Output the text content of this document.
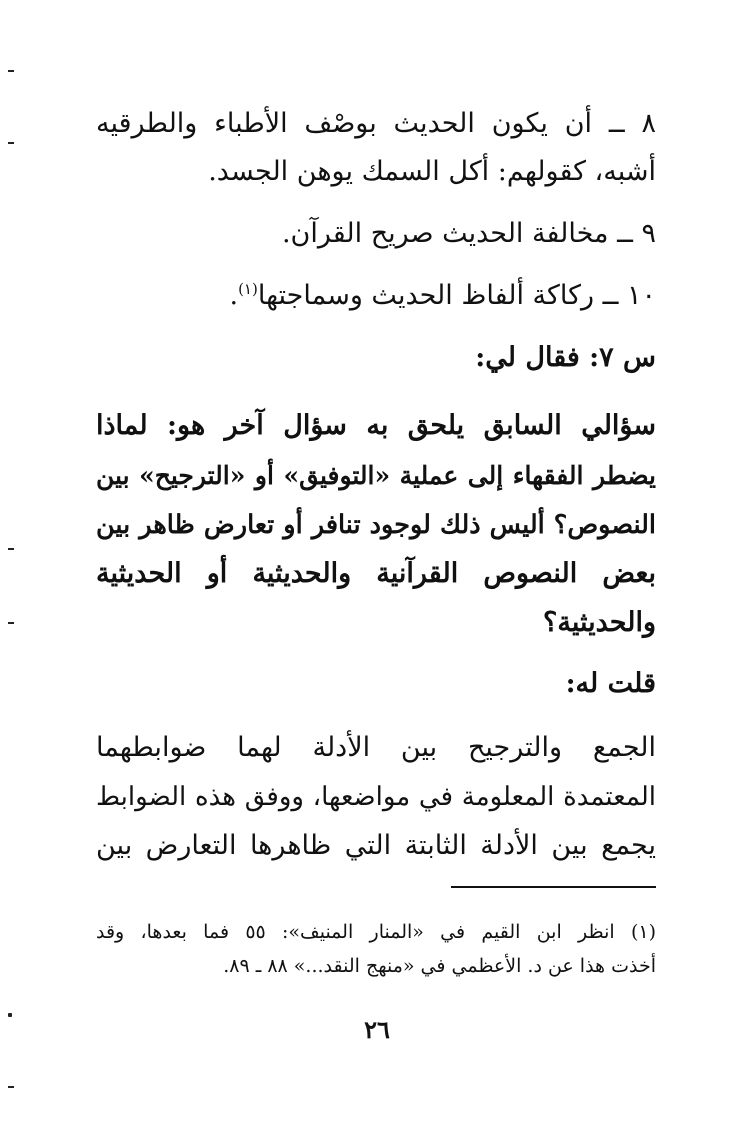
٨ ــ أن يكون الحديث بوصْف الأطباء والطرقيه
أشبه، كقولهم: أكل السمك يوهن الجسد.
٩ ــ مخالفة الحديث صريح القرآن.
١٠ ــ ركاكة ألفاظ الحديث وسماجتها$^{(١)}$.
س ٧: فقال لي:
سؤالي السابق يلحق به سؤال آخر هو: لماذا
يضطر الفقهاء إلى عملية «التوفيق» أو «الترجيح» بين
النصوص؟ أليس ذلك لوجود تنافر أو تعارض ظاهر بين
بعض النصوص القرآنية والحديثية أو الحديثية
والحديثية؟
قلت له:
الجمع والترجيح بين الأدلة لهما ضوابطهما
المعتمدة المعلومة في مواضعها، ووفق هذه الضوابط
يجمع بين الأدلة الثابتة التي ظاهرها التعارض بين
(١) انظر ابن القيم في «المنار المنيف»: ٥٥ فما بعدها، وقد
أخذت هذا عن د. الأعظمي في «منهج النقد...» ٨٨ ـ ٨٩.
٢٦
